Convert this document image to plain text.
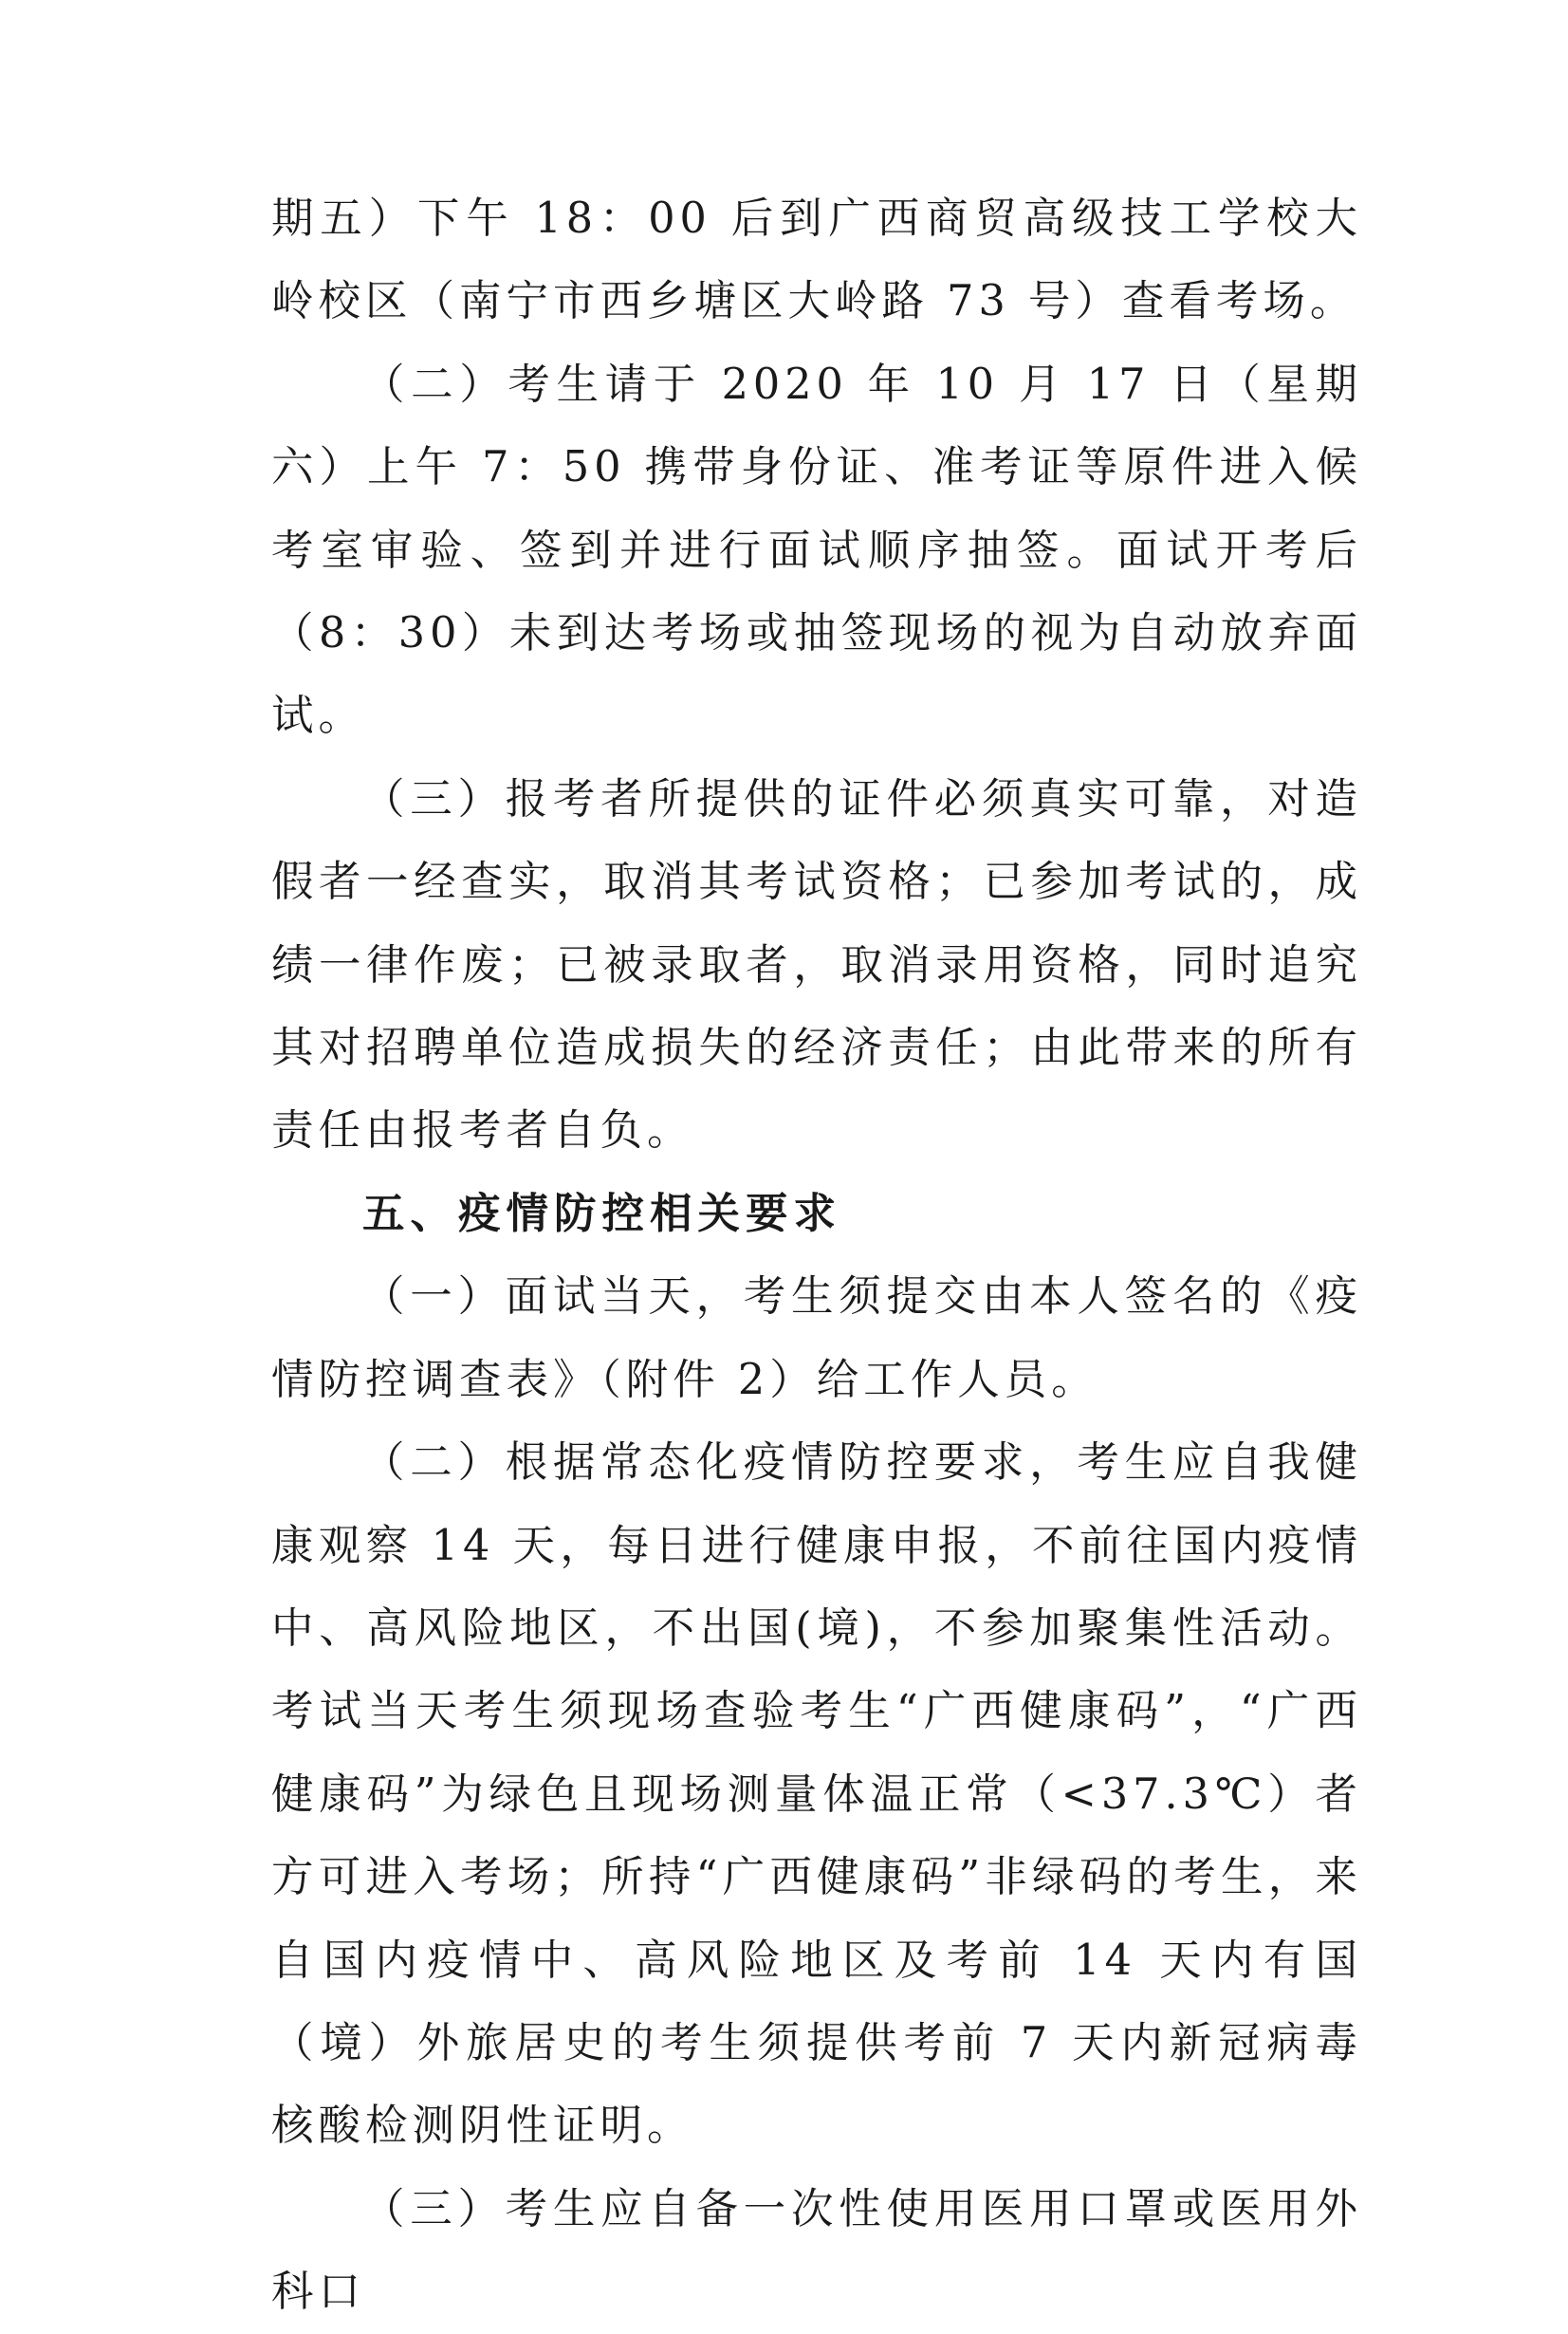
期五）下午 18：00 后到广西商贸高级技工学校大岭校区（南宁市西乡塘区大岭路 73 号）查看考场。

（二）考生请于 2020 年 10 月 17 日（星期六）上午 7：50 携带身份证、准考证等原件进入候考室审验、签到并进行面试顺序抽签。面试开考后（8：30）未到达考场或抽签现场的视为自动放弃面试。

（三）报考者所提供的证件必须真实可靠，对造假者一经查实，取消其考试资格；已参加考试的，成绩一律作废；已被录取者，取消录用资格，同时追究其对招聘单位造成损失的经济责任；由此带来的所有责任由报考者自负。

五、疫情防控相关要求

（一）面试当天，考生须提交由本人签名的《疫情防控调查表》（附件 2）给工作人员。

（二）根据常态化疫情防控要求，考生应自我健康观察 14 天，每日进行健康申报，不前往国内疫情中、高风险地区，不出国(境)，不参加聚集性活动。考试当天考生须现场查验考生“广西健康码”，“广西健康码”为绿色且现场测量体温正常（<37.3℃）者方可进入考场；所持“广西健康码”非绿码的考生，来自国内疫情中、高风险地区及考前 14 天内有国（境）外旅居史的考生须提供考前 7 天内新冠病毒核酸检测阴性证明。

（三）考生应自备一次性使用医用口罩或医用外科口
